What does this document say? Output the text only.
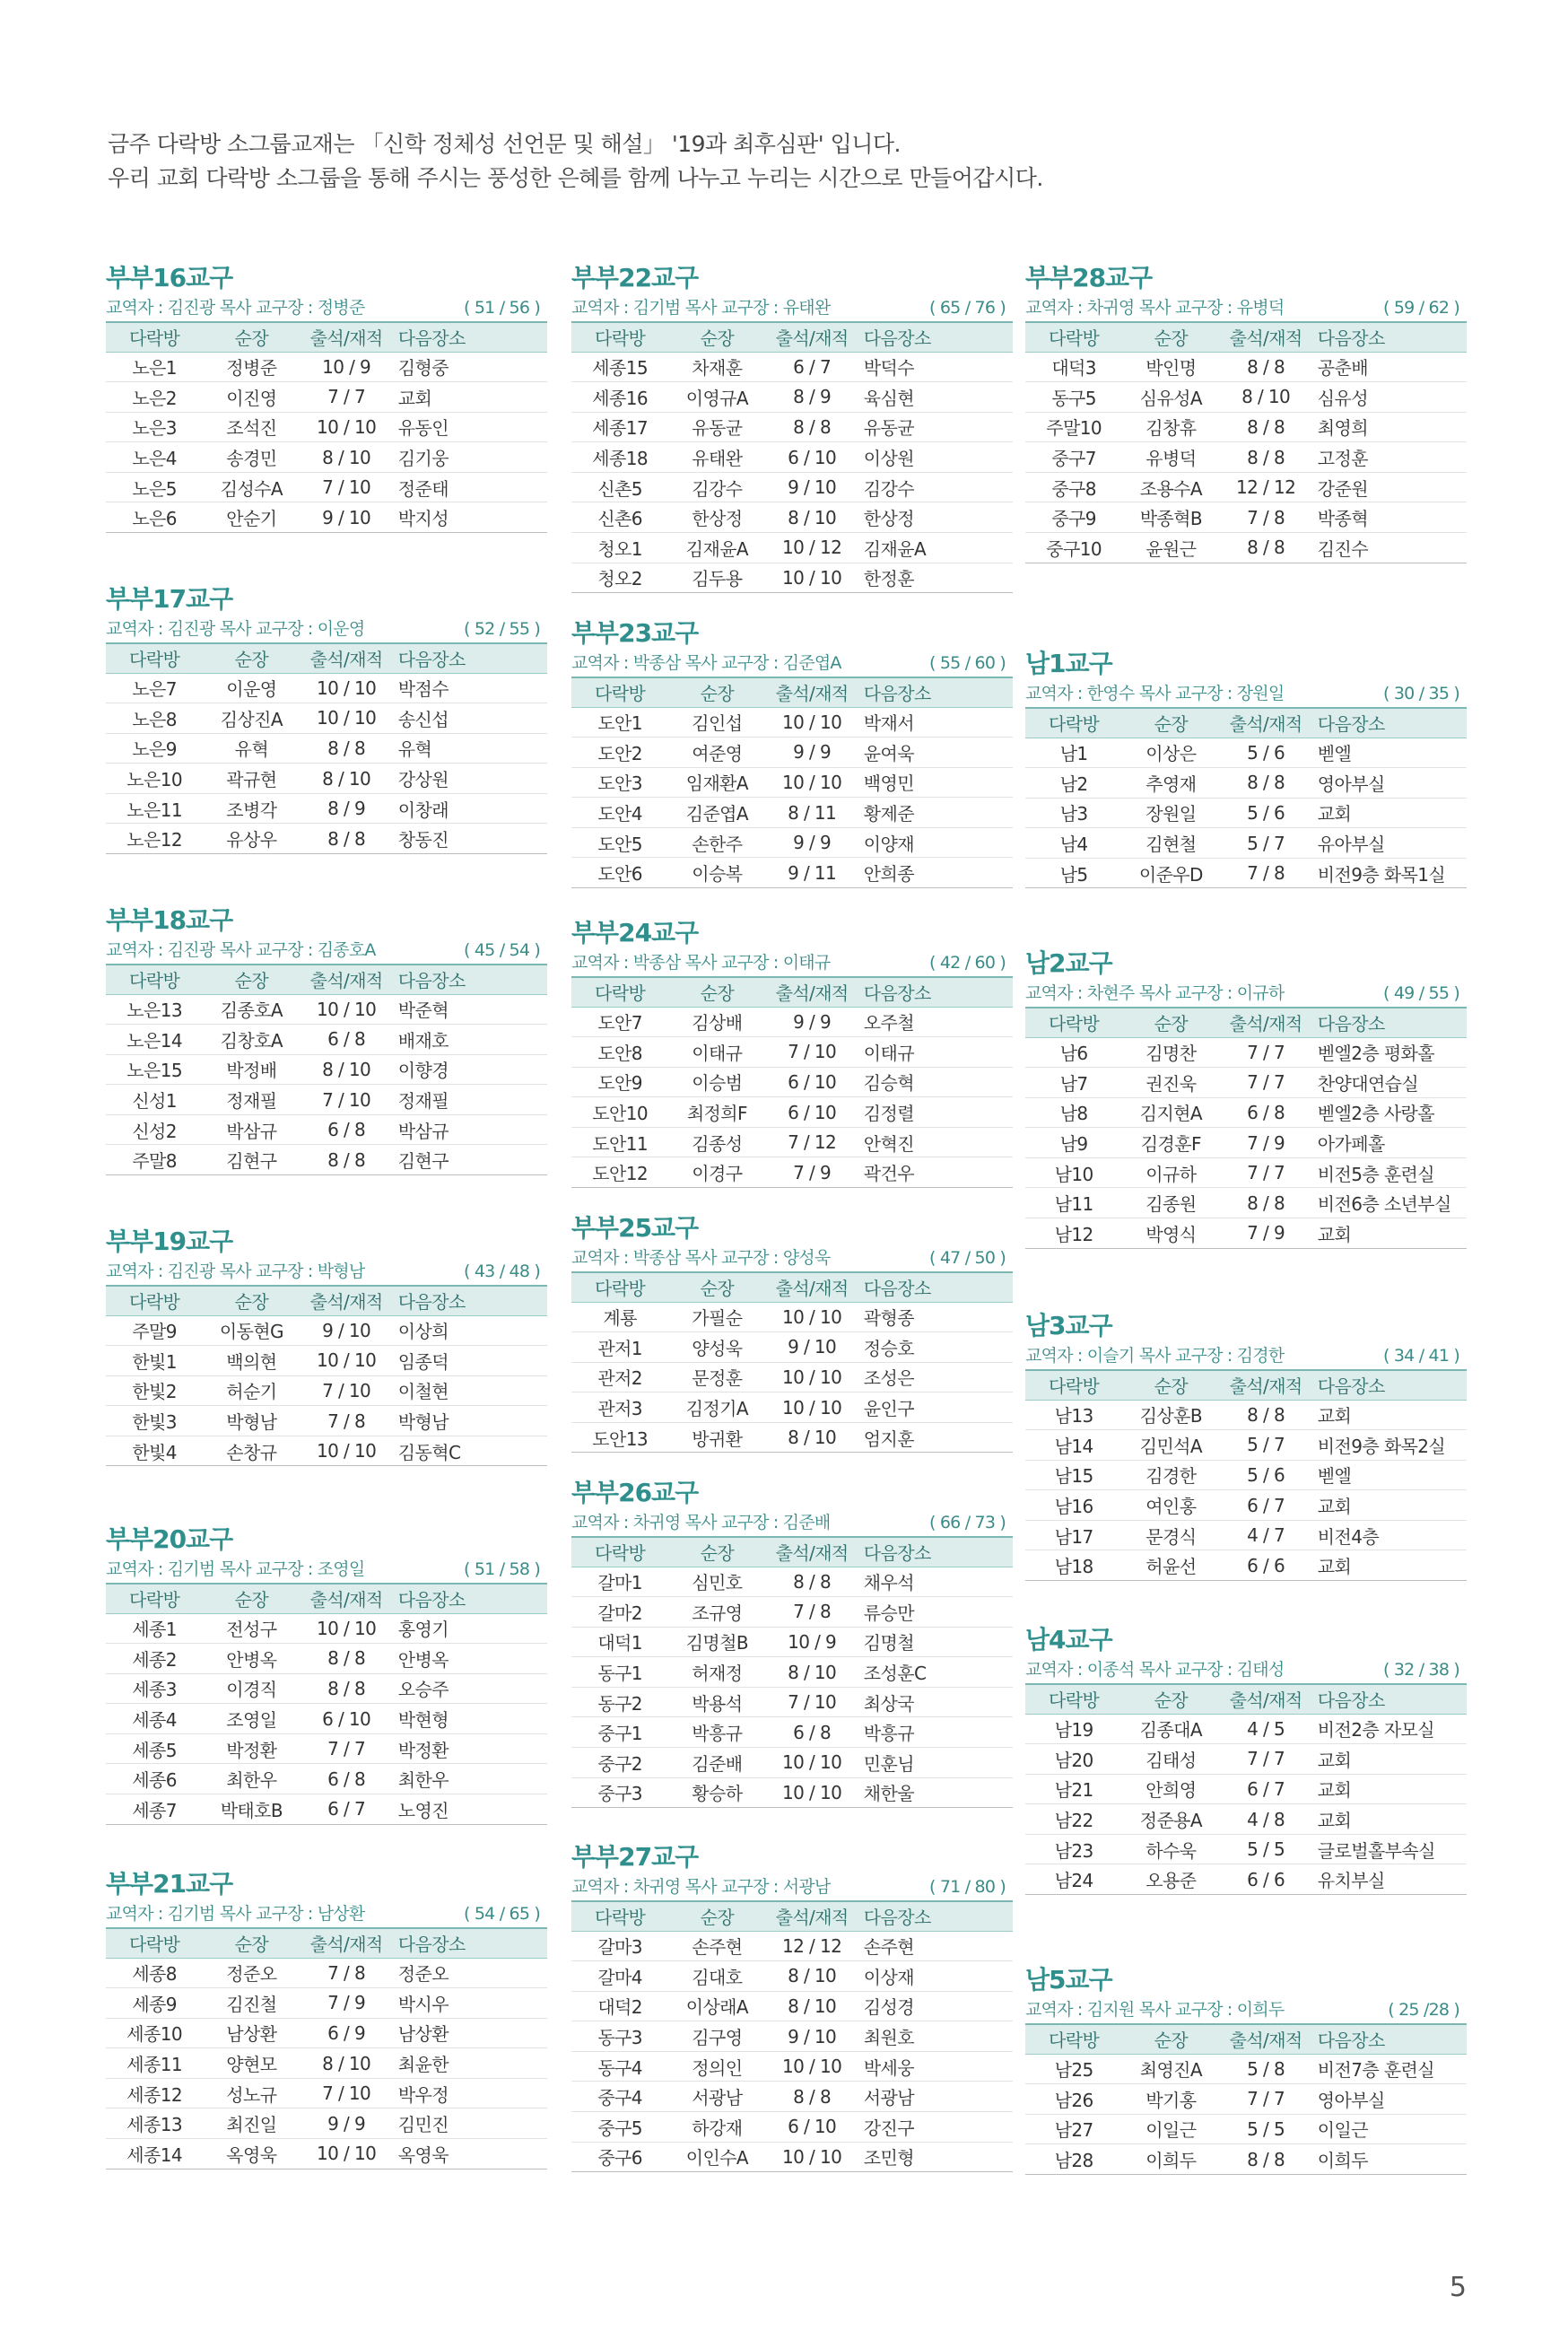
금주 다락방 소그룹교재는 「신학 정체성 선언문 및 해설」 '19과 최후심판' 입니다.

우리 교회 다락방 소그룹을 통해 주시는 풍성한 은혜를 함께 나누고 누리는 시간으로 만들어갑시다.

부부16교구
교역자 : 김진광 목사 교구장 : 정병준	( 51 / 56 )
다락방	순장	출석/재적	다음장소
노은1	정병준	10 / 9	김형중
노은2	이진영	7 / 7	교회
노은3	조석진	10 / 10	유동인
노은4	송경민	8 / 10	김기웅
노은5	김성수A	7 / 10	정준태
노은6	안순기	9 / 10	박지성
부부17교구
교역자 : 김진광 목사 교구장 : 이운영	( 52 / 55 )
다락방	순장	출석/재적	다음장소
노은7	이운영	10 / 10	박점수
노은8	김상진A	10 / 10	송신섭
노은9	유혁	8 / 8	유혁
노은10	곽규현	8 / 10	강상원
노은11	조병각	8 / 9	이창래
노은12	유상우	8 / 8	창동진
부부18교구
교역자 : 김진광 목사 교구장 : 김종호A	( 45 / 54 )
다락방	순장	출석/재적	다음장소
노은13	김종호A	10 / 10	박준혁
노은14	김창호A	6 / 8	배재호
노은15	박정배	8 / 10	이향경
신성1	정재필	7 / 10	정재필
신성2	박삼규	6 / 8	박삼규
주말8	김현구	8 / 8	김현구
부부19교구
교역자 : 김진광 목사 교구장 : 박형남	( 43 / 48 )
다락방	순장	출석/재적	다음장소
주말9	이동현G	9 / 10	이상희
한빛1	백의현	10 / 10	임종덕
한빛2	허순기	7 / 10	이철현
한빛3	박형남	7 / 8	박형남
한빛4	손창규	10 / 10	김동혁C
부부20교구
교역자 : 김기범 목사 교구장 : 조영일	( 51 / 58 )
다락방	순장	출석/재적	다음장소
세종1	전성구	10 / 10	홍영기
세종2	안병옥	8 / 8	안병옥
세종3	이경직	8 / 8	오승주
세종4	조영일	6 / 10	박현형
세종5	박정환	7 / 7	박정환
세종6	최한우	6 / 8	최한우
세종7	박태호B	6 / 7	노영진
부부21교구
교역자 : 김기범 목사 교구장 : 남상환	( 54 / 65 )
다락방	순장	출석/재적	다음장소
세종8	정준오	7 / 8	정준오
세종9	김진철	7 / 9	박시우
세종10	남상환	6 / 9	남상환
세종11	양현모	8 / 10	최윤한
세종12	성노규	7 / 10	박우정
세종13	최진일	9 / 9	김민진
세종14	옥영욱	10 / 10	옥영욱
부부22교구
교역자 : 김기범 목사 교구장 : 유태완	( 65 / 76 )
다락방	순장	출석/재적	다음장소
세종15	차재훈	6 / 7	박덕수
세종16	이영규A	8 / 9	육심현
세종17	유동균	8 / 8	유동균
세종18	유태완	6 / 10	이상원
신촌5	김강수	9 / 10	김강수
신촌6	한상정	8 / 10	한상정
청오1	김재윤A	10 / 12	김재윤A
청오2	김두용	10 / 10	한정훈
부부23교구
교역자 : 박종삼 목사 교구장 : 김준엽A	( 55 / 60 )
다락방	순장	출석/재적	다음장소
도안1	김인섭	10 / 10	박재서
도안2	여준영	9 / 9	윤여욱
도안3	임재환A	10 / 10	백영민
도안4	김준엽A	8 / 11	황제준
도안5	손한주	9 / 9	이양재
도안6	이승복	9 / 11	안희종
부부24교구
교역자 : 박종삼 목사 교구장 : 이태규	( 42 / 60 )
다락방	순장	출석/재적	다음장소
도안7	김상배	9 / 9	오주철
도안8	이태규	7 / 10	이태규
도안9	이승범	6 / 10	김승혁
도안10	최정희F	6 / 10	김정렬
도안11	김종성	7 / 12	안혁진
도안12	이경구	7 / 9	곽건우
부부25교구
교역자 : 박종삼 목사 교구장 : 양성욱	( 47 / 50 )
다락방	순장	출석/재적	다음장소
계룡	가필순	10 / 10	곽형종
관저1	양성욱	9 / 10	정승호
관저2	문정훈	10 / 10	조성은
관저3	김정기A	10 / 10	윤인구
도안13	방귀환	8 / 10	엄지훈
부부26교구
교역자 : 차귀영 목사 교구장 : 김준배	( 66 / 73 )
다락방	순장	출석/재적	다음장소
갈마1	심민호	8 / 8	채우석
갈마2	조규영	7 / 8	류승만
대덕1	김명철B	10 / 9	김명철
동구1	허재정	8 / 10	조성훈C
동구2	박용석	7 / 10	최상국
중구1	박흥규	6 / 8	박흥규
중구2	김준배	10 / 10	민훈님
중구3	황승하	10 / 10	채한울
부부27교구
교역자 : 차귀영 목사 교구장 : 서광남	( 71 / 80 )
다락방	순장	출석/재적	다음장소
갈마3	손주현	12 / 12	손주현
갈마4	김대호	8 / 10	이상재
대덕2	이상래A	8 / 10	김성경
동구3	김구영	9 / 10	최원호
동구4	정의인	10 / 10	박세웅
중구4	서광남	8 / 8	서광남
중구5	하강재	6 / 10	강진구
중구6	이인수A	10 / 10	조민형
부부28교구
교역자 : 차귀영 목사 교구장 : 유병덕	( 59 / 62 )
다락방	순장	출석/재적	다음장소
대덕3	박인명	8 / 8	공춘배
동구5	심유성A	8 / 10	심유성
주말10	김창휴	8 / 8	최영희
중구7	유병덕	8 / 8	고정훈
중구8	조용수A	12 / 12	강준원
중구9	박종혁B	7 / 8	박종혁
중구10	윤원근	8 / 8	김진수
남1교구
교역자 : 한영수 목사 교구장 : 장원일	( 30 / 35 )
다락방	순장	출석/재적	다음장소
남1	이상은	5 / 6	벧엘
남2	추영재	8 / 8	영아부실
남3	장원일	5 / 6	교회
남4	김현철	5 / 7	유아부실
남5	이준우D	7 / 8	비전9층 화목1실
남2교구
교역자 : 차현주 목사 교구장 : 이규하	( 49 / 55 )
다락방	순장	출석/재적	다음장소
남6	김명찬	7 / 7	벧엘2층 평화홀
남7	권진욱	7 / 7	찬양대연습실
남8	김지현A	6 / 8	벧엘2층 사랑홀
남9	김경훈F	7 / 9	아가페홀
남10	이규하	7 / 7	비전5층 훈련실
남11	김종원	8 / 8	비전6층 소년부실
남12	박영식	7 / 9	교회
남3교구
교역자 : 이슬기 목사 교구장 : 김경한	( 34 / 41 )
다락방	순장	출석/재적	다음장소
남13	김상훈B	8 / 8	교회
남14	김민석A	5 / 7	비전9층 화목2실
남15	김경한	5 / 6	벧엘
남16	여인홍	6 / 7	교회
남17	문경식	4 / 7	비전4층
남18	허윤선	6 / 6	교회
남4교구
교역자 : 이종석 목사 교구장 : 김태성	( 32 / 38 )
다락방	순장	출석/재적	다음장소
남19	김종대A	4 / 5	비전2층 자모실
남20	김태성	7 / 7	교회
남21	안희영	6 / 7	교회
남22	정준용A	4 / 8	교회
남23	하수욱	5 / 5	글로벌홀부속실
남24	오용준	6 / 6	유치부실
남5교구
교역자 : 김지원 목사 교구장 : 이희두	( 25 /28 )
다락방	순장	출석/재적	다음장소
남25	최영진A	5 / 8	비전7층 훈련실
남26	박기홍	7 / 7	영아부실
남27	이일근	5 / 5	이일근
남28	이희두	8 / 8	이희두
5
